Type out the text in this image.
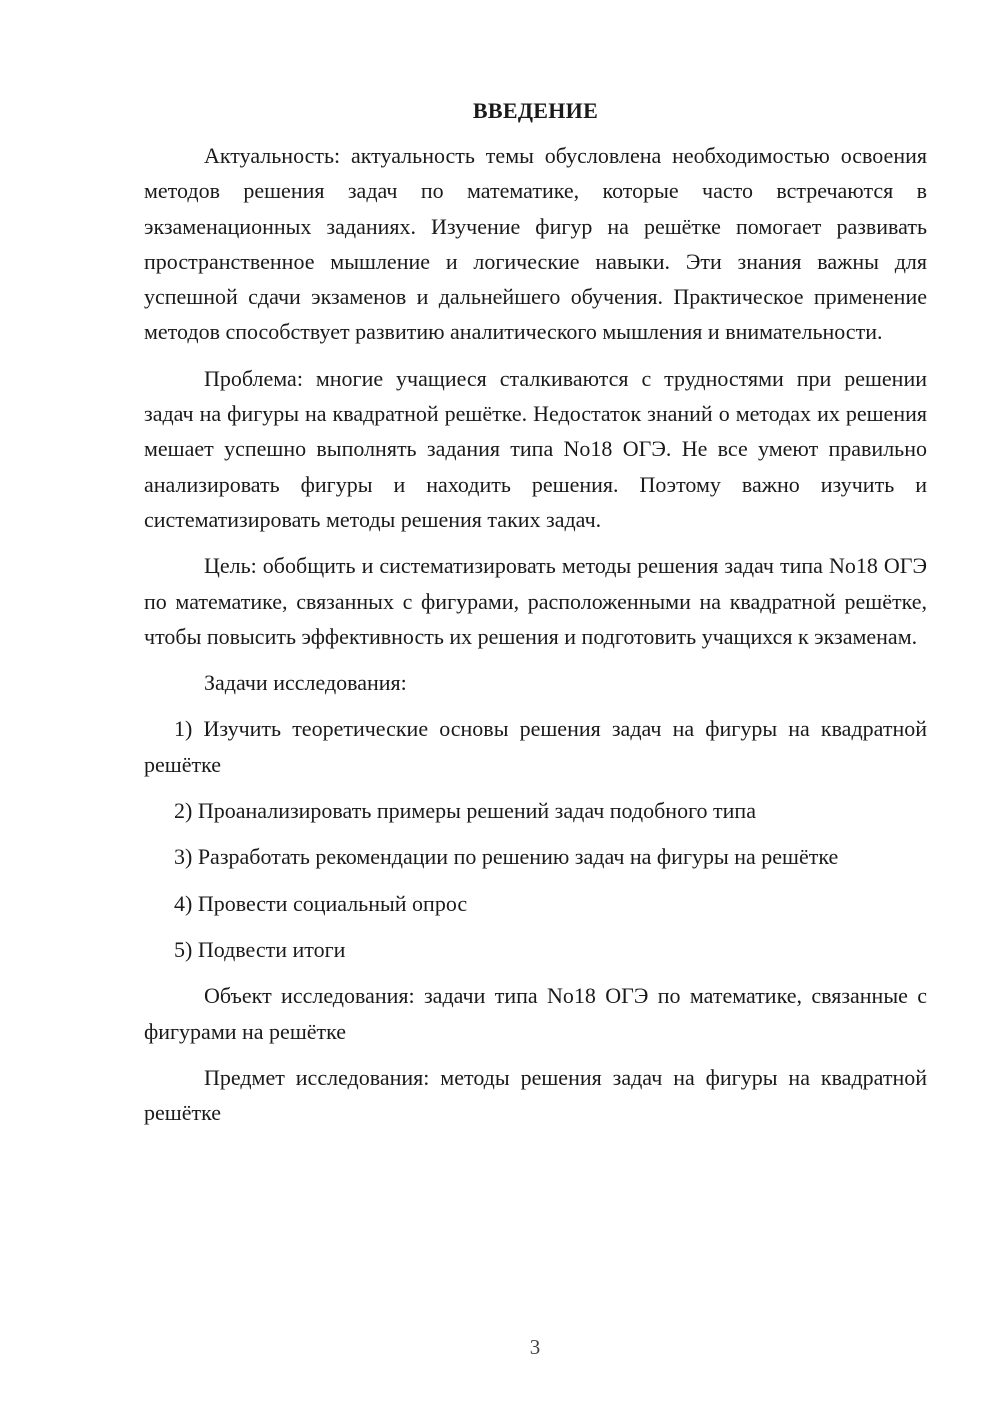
ВВЕДЕНИЕ

Актуальность: актуальность темы обусловлена необходимостью освоения методов решения задач по математике, которые часто встречаются в экзаменационных заданиях. Изучение фигур на решётке помогает развивать пространственное мышление и логические навыки. Эти знания важны для успешной сдачи экзаменов и дальнейшего обучения. Практическое применение методов способствует развитию аналитического мышления и внимательности.

Проблема: многие учащиеся сталкиваются с трудностями при решении задач на фигуры на квадратной решётке. Недостаток знаний о методах их решения мешает успешно выполнять задания типа No18 ОГЭ. Не все умеют правильно анализировать фигуры и находить решения. Поэтому важно изучить и систематизировать методы решения таких задач.

Цель: обобщить и систематизировать методы решения задач типа No18 ОГЭ по математике, связанных с фигурами, расположенными на квадратной решётке, чтобы повысить эффективность их решения и подготовить учащихся к экзаменам.

Задачи исследования:

1) Изучить теоретические основы решения задач на фигуры на квадратной решётке

2) Проанализировать примеры решений задач подобного типа

3) Разработать рекомендации по решению задач на фигуры на решётке

4) Провести социальный опрос

5) Подвести итоги

Объект исследования: задачи типа No18 ОГЭ по математике, связанные с фигурами на решётке

Предмет исследования: методы решения задач на фигуры на квадратной решётке

3
